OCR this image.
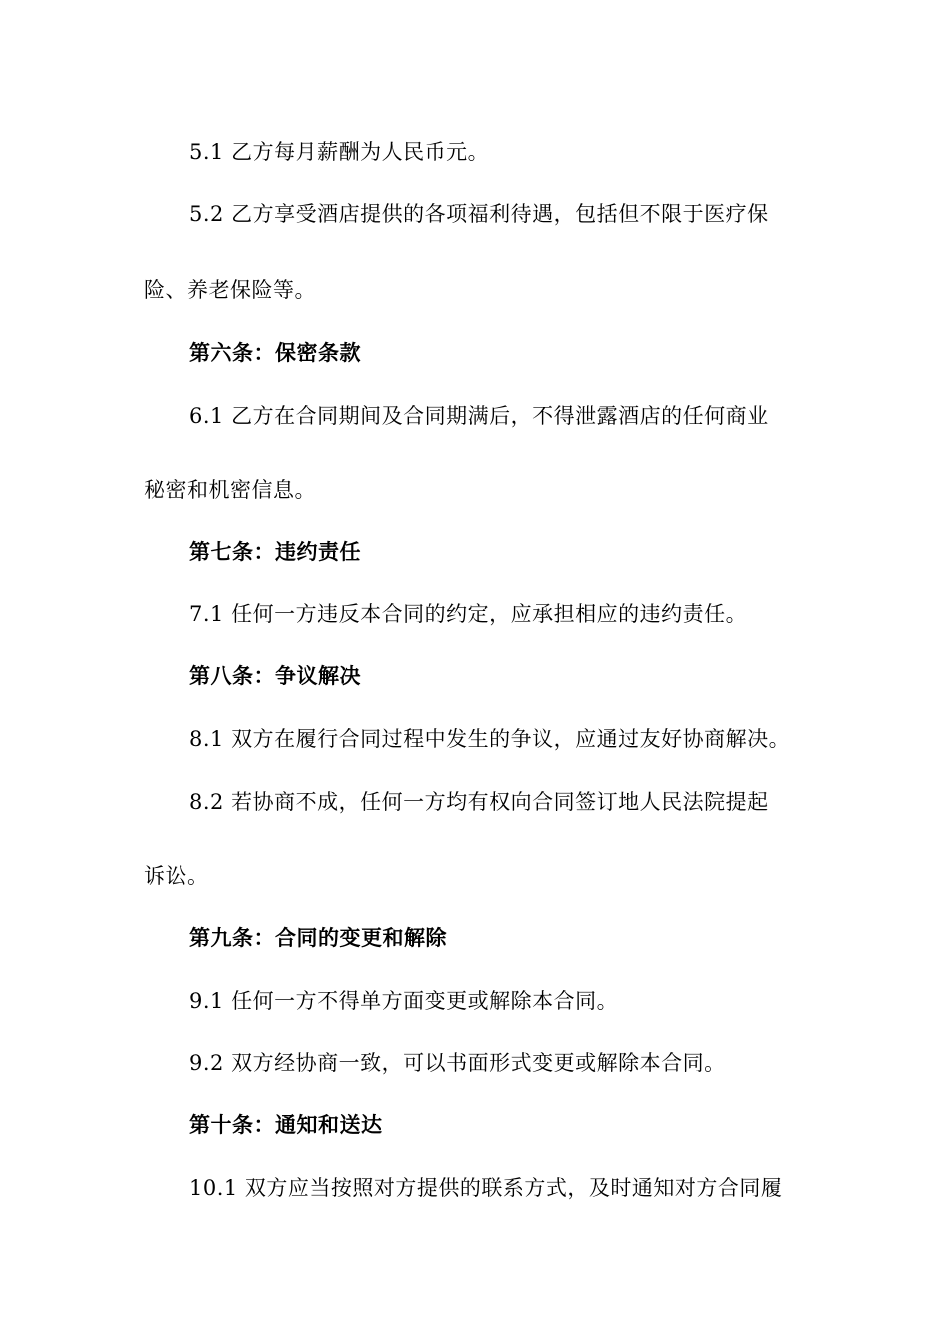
5.1 乙方每月薪酬为人民币元。
5.2 乙方享受酒店提供的各项福利待遇，包括但不限于医疗保
险、养老保险等。
第六条：保密条款
6.1 乙方在合同期间及合同期满后，不得泄露酒店的任何商业
秘密和机密信息。
第七条：违约责任
7.1 任何一方违反本合同的约定，应承担相应的违约责任。
第八条：争议解决
8.1 双方在履行合同过程中发生的争议，应通过友好协商解决。
8.2 若协商不成，任何一方均有权向合同签订地人民法院提起
诉讼。
第九条：合同的变更和解除
9.1 任何一方不得单方面变更或解除本合同。
9.2 双方经协商一致，可以书面形式变更或解除本合同。
第十条：通知和送达
10.1 双方应当按照对方提供的联系方式，及时通知对方合同履
